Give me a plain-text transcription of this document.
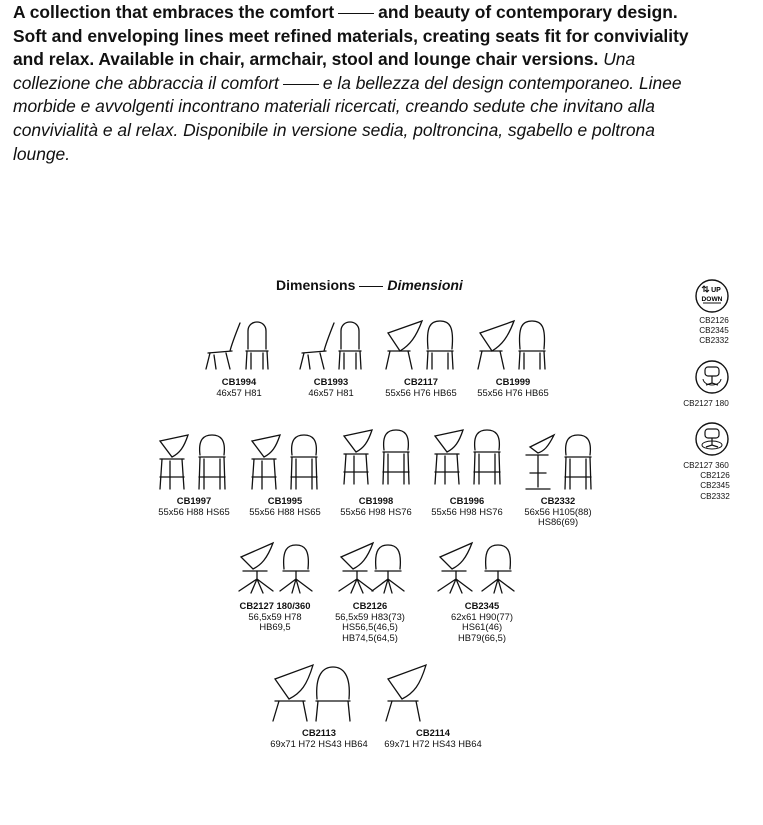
A collection that embraces the comfort	and beauty of contemporary design. Soft and enveloping lines meet refined materials, creating seats fit for conviviality and relax. Available in chair, armchair, stool and lounge chair versions. Una collezione che abbraccia il comfort	e la bellezza del design contemporaneo. Linee morbide e avvolgenti incontrano materiali ricercati, creando sedute che invitano alla convivialità e al relax. Disponibile in versione sedia, poltroncina, sgabello e poltrona lounge.
Dimensions Dimensioni
CB1994
46x57 H81
CB1993
46x57 H81
CB2117
55x56 H76 HB65
CB1999
55x56 H76 HB65
CB1997
55x56 H88 HS65
CB1995
55x56 H88 HS65
CB1998
55x56 H98 HS76
CB1996
55x56 H98 HS76
CB2332
56x56 H105(88)
HS86(69)
CB2127 180/360
56,5x59 H78
HB69,5
CB2126
56,5x59 H83(73)
HS56,5(46,5)
HB74,5(64,5)
CB2345
62x61 H90(77)
HS61(46)
HB79(66,5)
CB2113
69x71 H72 HS43 HB64
CB2114
69x71 H72 HS43 HB64
UP
DOWN
CB2126
CB2345
CB2332
CB2127 180
CB2127 360
CB2126
CB2345
CB2332
